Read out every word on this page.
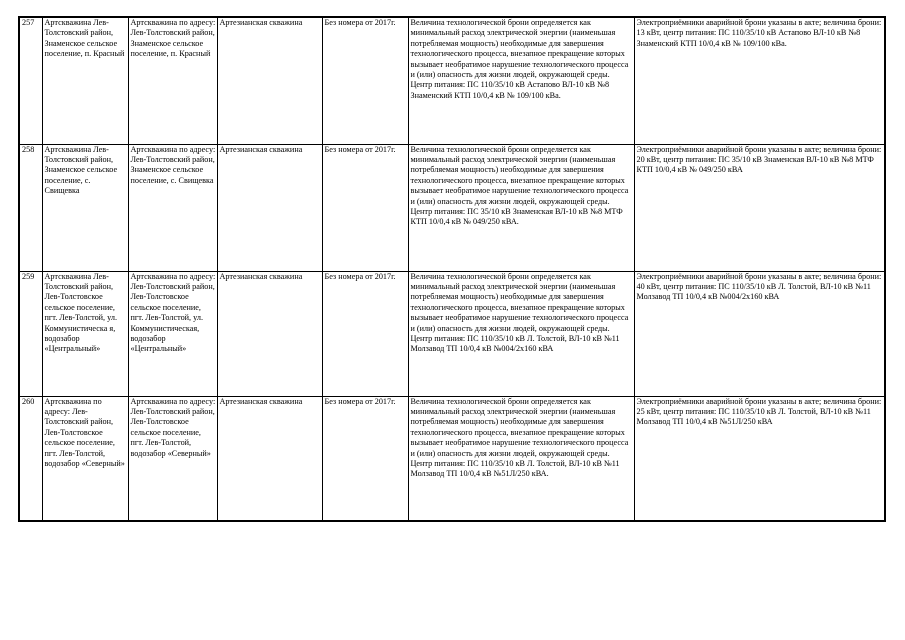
257	Артскважина Лев-Толстовский район, Знаменское сельское поселение, п. Красный	Артскважина по адресу: Лев-Толстовский район, Знаменское сельское поселение, п. Красный	Артезианская скважина	Без номера от 2017г.	Величина технологической брони определяется как минимальный расход электрической энергии (наименьшая потребляемая мощность) необходимые для завершения технологического процесса, внезапное прекращение которых вызывает необратимое нарушение технологического процесса и (или) опасность для жизни людей, окружающей среды. Центр питания: ПС 110/35/10 кВ Астапово ВЛ-10 кВ №8 Знаменский КТП 10/0,4 кВ № 109/100 кВа.	Электроприёмники аварийной брони указаны в акте; величина брони: 13 кВт, центр питания: ПС 110/35/10 кВ Астапово ВЛ-10 кВ №8 Знаменский КТП 10/0,4 кВ № 109/100 кВа.
258	Артскважина Лев-Толстовский район, Знаменское сельское поселение, с. Свищевка	Артскважина по адресу: Лев-Толстовский район, Знаменское сельское поселение, с. Свищевка	Артезианская скважина	Без номера от 2017г.	Величина технологической брони определяется как минимальный расход электрической энергии (наименьшая потребляемая мощность) необходимые для завершения технологического процесса, внезапное прекращение которых вызывает необратимое нарушение технологического процесса и (или) опасность для жизни людей, окружающей среды. Центр питания: ПС 35/10 кВ Знаменская ВЛ-10 кВ №8 МТФ КТП 10/0,4 кВ № 049/250 кВА.	Электроприёмники аварийной брони указаны в акте; величина брони: 20 кВт, центр питания: ПС 35/10 кВ Знаменская ВЛ-10 кВ №8 МТФ КТП 10/0,4 кВ № 049/250 кВА
259	Артскважина Лев-Толстовский район, Лев-Толстовское сельское поселение, пгт. Лев-Толстой, ул. Коммунистическа я, водозабор «Центральный»	Артскважина по адресу: Лев-Толстовский район, Лев-Толстовское сельское поселение, пгт. Лев-Толстой, ул. Коммунистическая, водозабор «Центральный»	Артезианская скважина	Без номера от 2017г.	Величина технологической брони определяется как минимальный расход электрической энергии (наименьшая потребляемая мощность) необходимые для завершения технологического процесса, внезапное прекращение которых вызывает необратимое нарушение технологического процесса и (или) опасность для жизни людей, окружающей среды. Центр питания: ПС 110/35/10 кВ Л. Толстой, ВЛ-10 кВ №11 Молзавод ТП 10/0,4 кВ №004/2х160 кВА	Электроприёмники аварийной брони указаны в акте; величина брони: 40 кВт, центр питания: ПС 110/35/10 кВ Л. Толстой, ВЛ-10 кВ №11 Молзавод ТП 10/0,4 кВ №004/2х160 кВА
260	Артскважина по адресу: Лев-Толстовский район, Лев-Толстовское сельское поселение, пгт. Лев-Толстой, водозабор «Северный»	Артскважина по адресу: Лев-Толстовский район, Лев-Толстовское сельское поселение, пгт. Лев-Толстой, водозабор «Северный»	Артезианская скважина	Без номера от 2017г.	Величина технологической брони определяется как минимальный расход электрической энергии (наименьшая потребляемая мощность) необходимые для завершения технологического процесса, внезапное прекращение которых вызывает необратимое нарушение технологического процесса и (или) опасность для жизни людей, окружающей среды. Центр питания: ПС 110/35/10 кВ Л. Толстой, ВЛ-10 кВ №11 Молзавод ТП 10/0,4 кВ №51Л/250 кВА.	Электроприёмники аварийной брони указаны в акте; величина брони: 25 кВт, центр питания: ПС 110/35/10 кВ Л. Толстой, ВЛ-10 кВ №11 Молзавод ТП 10/0,4 кВ №51Л/250 кВА
